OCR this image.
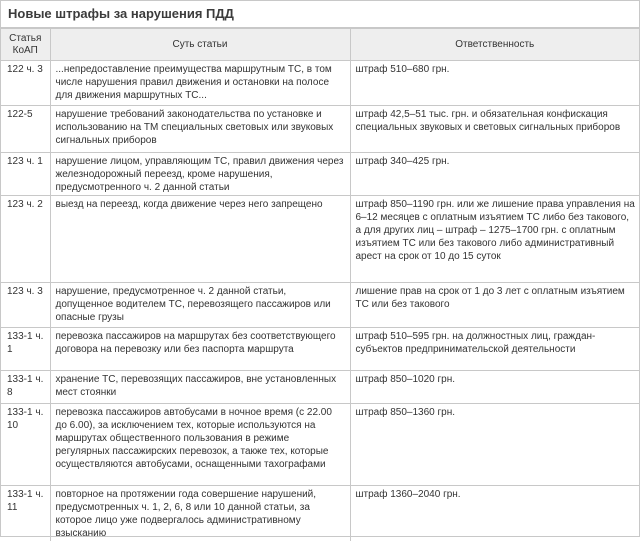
Новые штрафы за нарушения ПДД
Статья КоАП	Суть статьи	Ответственность
122 ч. 3	...непредоставление преимущества маршрутным ТС, в том числе нарушения правил движения и остановки на полосе для движения маршрутных ТС...	штраф 510–680 грн.
122-5	нарушение требований законодательства по установке и использованию на ТМ специальных световых или звуковых сигнальных приборов	штраф 42,5–51 тыс. грн. и обязательная конфискация специальных звуковых и световых сигнальных приборов
123 ч. 1	нарушение лицом, управляющим ТС, правил движения через железнодорожный переезд, кроме нарушения, предусмотренного ч. 2 данной статьи	штраф 340–425 грн.
123 ч. 2	выезд на переезд, когда движение через него запрещено	штраф 850–1190 грн. или же лишение права управления на 6–12 месяцев с оплатным изъятием ТС либо без такового, а для других лиц – штраф – 1275–1700 грн. с оплатным изъятием ТС или без такового либо административный арест на срок от 10 до 15 суток
123 ч. 3	нарушение, предусмотренное ч. 2 данной статьи, допущенное водителем ТС, перевозящего пассажиров или опасные грузы	лишение прав на срок от 1 до 3 лет с оплатным изъятием ТС или без такового
133-1 ч. 1	перевозка пассажиров на маршрутах без соответствующего договора на перевозку или без паспорта маршрута	штраф 510–595 грн. на должностных лиц, граждан-субъектов предпринимательской деятельности
133-1 ч. 8	хранение ТС, перевозящих пассажиров, вне установленных мест стоянки	штраф 850–1020 грн.
133-1 ч. 10	перевозка пассажиров автобусами в ночное время (с 22.00 до 6.00), за исключением тех, которые используются на маршрутах общественного пользования в режиме регулярных пассажирских перевозок, а также тех, которые осуществляются автобусами, оснащенными тахографами	штраф 850–1360 грн.
133-1 ч. 11	повторное на протяжении года совершение нарушений, предусмотренных ч. 1, 2, 6, 8 или 10 данной статьи, за которое лицо уже подвергалось административному взысканию	штраф 1360–2040 грн.
